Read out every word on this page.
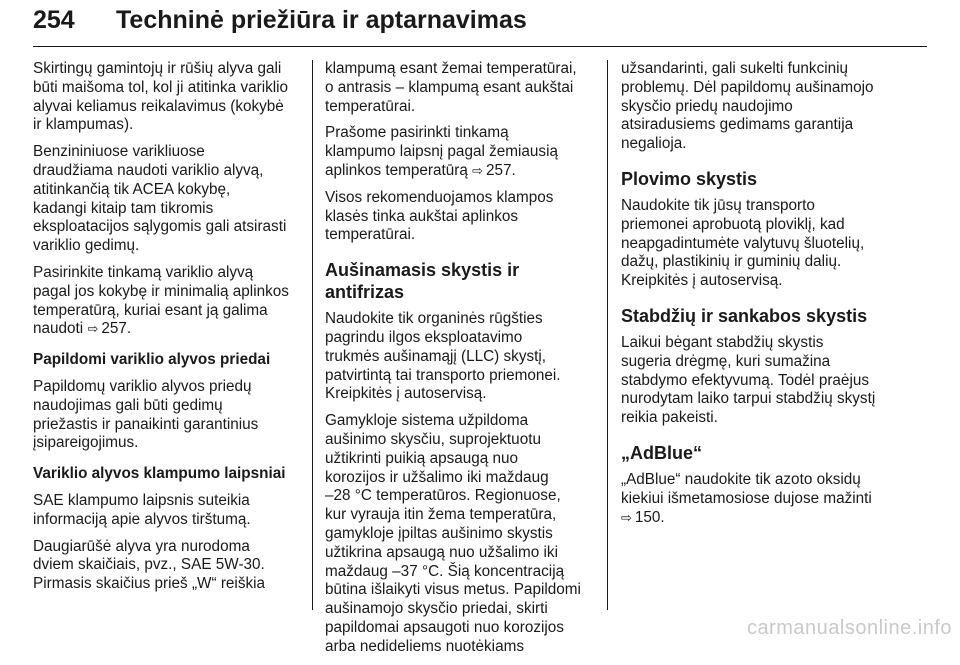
254 Techninė priežiūra ir aptarnavimas
Skirtingų gamintojų ir rūšių alyva gali
būti maišoma tol, kol ji atitinka variklio
alyvai keliamus reikalavimus (kokybė
ir klampumas).
Benzininiuose varikliuose
draudžiama naudoti variklio alyvą,
atitinkančią tik ACEA kokybę,
kadangi kitaip tam tikromis
eksploatacijos sąlygomis gali atsirasti
variklio gedimų.
Pasirinkite tinkamą variklio alyvą
pagal jos kokybę ir minimalią aplinkos
temperatūrą, kuriai esant ją galima
naudoti ⇨ 257.
Papildomi variklio alyvos priedai
Papildomų variklio alyvos priedų
naudojimas gali būti gedimų
priežastis ir panaikinti garantinius
įsipareigojimus.
Variklio alyvos klampumo laipsniai
SAE klampumo laipsnis suteikia
informaciją apie alyvos tirštumą.
Daugiarūšė alyva yra nurodoma
dviem skaičiais, pvz., SAE 5W-30.
Pirmasis skaičius prieš „W“ reiškia
klampumą esant žemai temperatūrai,
o antrasis – klampumą esant aukštai
temperatūrai.
Prašome pasirinkti tinkamą
klampumo laipsnį pagal žemiausią
aplinkos temperatūrą ⇨ 257.
Visos rekomenduojamos klampos
klasės tinka aukštai aplinkos
temperatūrai.
Aušinamasis skystis ir antifrizas
Naudokite tik organinės rūgšties
pagrindu ilgos eksploatavimo
trukmės aušinamąjį (LLC) skystį,
patvirtintą tai transporto priemonei.
Kreipkitės į autoservisą.
Gamykloje sistema užpildoma
aušinimo skysčiu, suprojektuotu
užtikrinti puikią apsaugą nuo
korozijos ir užšalimo iki maždaug
–28 °C temperatūros. Regionuose,
kur vyrauja itin žema temperatūra,
gamykloje įpiltas aušinimo skystis
užtikrina apsaugą nuo užšalimo iki
maždaug –37 °C. Šią koncentraciją
būtina išlaikyti visus metus. Papildomi
aušinamojo skysčio priedai, skirti
papildomai apsaugoti nuo korozijos
arba nedideliems nuotėkiams
užsandarinti, gali sukelti funkcinių
problemų. Dėl papildomų aušinamojo
skysčio priedų naudojimo
atsiradusiems gedimams garantija
negalioja.
Plovimo skystis
Naudokite tik jūsų transporto
priemonei aprobuotą ploviklį, kad
neapgadintumėte valytuvų šluotelių,
dažų, plastikinių ir guminių dalių.
Kreipkitės į autoservisą.
Stabdžių ir sankabos skystis
Laikui bėgant stabdžių skystis
sugeria drėgmę, kuri sumažina
stabdymo efektyvumą. Todėl praėjus
nurodytam laiko tarpui stabdžių skystį
reikia pakeisti.
„AdBlue“
„AdBlue“ naudokite tik azoto oksidų
kiekiui išmetamosiose dujose mažinti
⇨ 150.
carmanualsonline.info
